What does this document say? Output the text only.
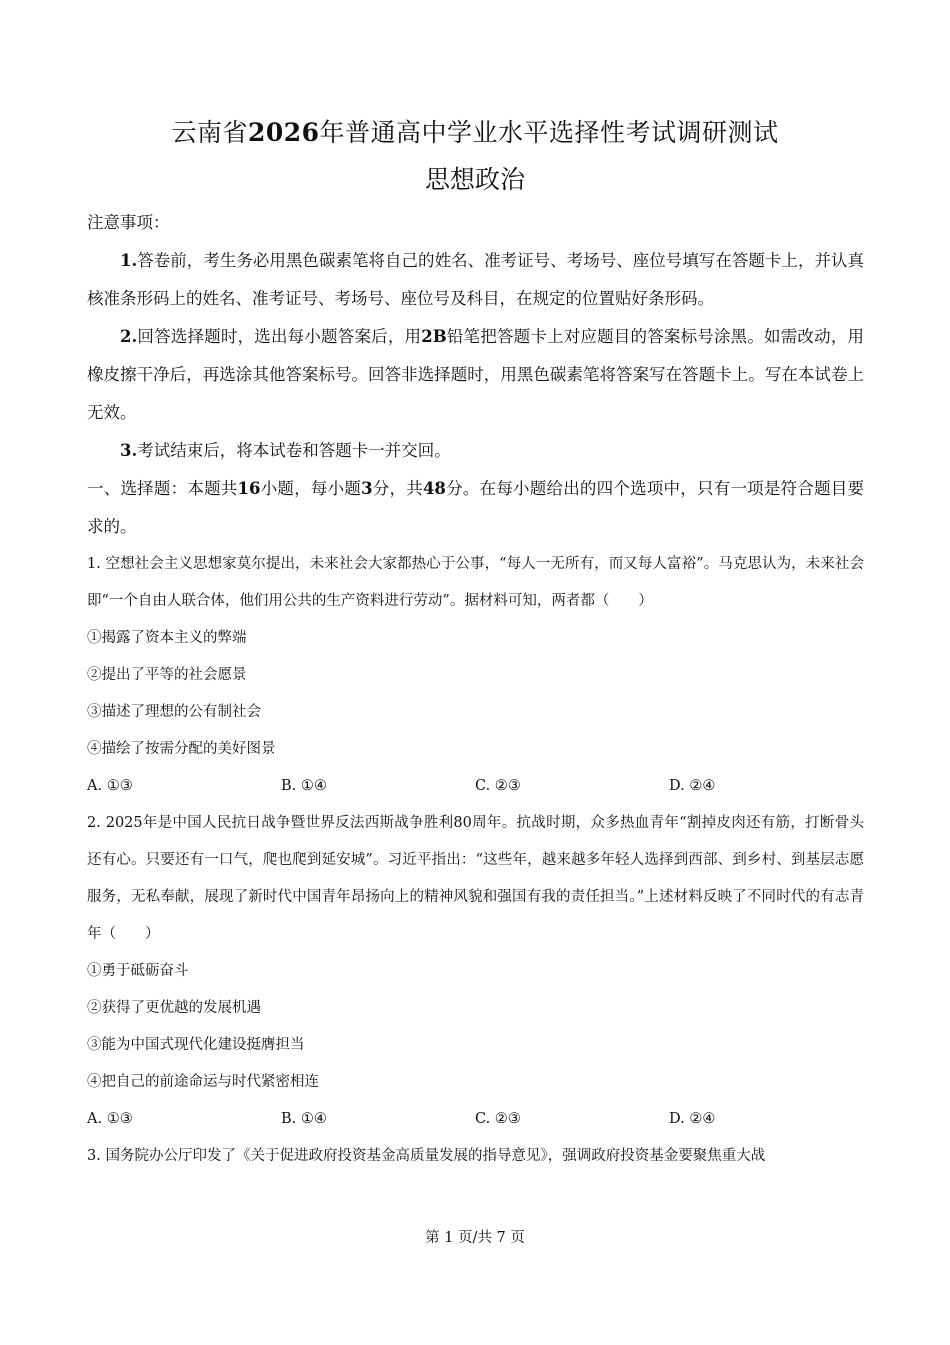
云南省2026年普通高中学业水平选择性考试调研测试
思想政治
注意事项：
1.答卷前，考生务必用黑色碳素笔将自己的姓名、准考证号、考场号、座位号填写在答题卡上，并认真核准条形码上的姓名、准考证号、考场号、座位号及科目，在规定的位置贴好条形码。
2.回答选择题时，选出每小题答案后，用2B铅笔把答题卡上对应题目的答案标号涂黑。如需改动，用橡皮擦干净后，再选涂其他答案标号。回答非选择题时，用黑色碳素笔将答案写在答题卡上。写在本试卷上无效。
3.考试结束后，将本试卷和答题卡一并交回。
一、选择题：本题共16小题，每小题3分，共48分。在每小题给出的四个选项中，只有一项是符合题目要求的。
1. 空想社会主义思想家莫尔提出，未来社会大家都热心于公事，“每人一无所有，而又每人富裕”。马克思认为，未来社会即“一个自由人联合体，他们用公共的生产资料进行劳动”。据材料可知，两者都（　　）
①揭露了资本主义的弊端
②提出了平等的社会愿景
③描述了理想的公有制社会
④描绘了按需分配的美好图景
A. ①③	B. ①④	C. ②③	D. ②④
2. 2025年是中国人民抗日战争暨世界反法西斯战争胜利80周年。抗战时期，众多热血青年“割掉皮肉还有筋，打断骨头还有心。只要还有一口气，爬也爬到延安城”。习近平指出：“这些年，越来越多年轻人选择到西部、到乡村、到基层志愿服务，无私奉献，展现了新时代中国青年昂扬向上的精神风貌和强国有我的责任担当。”上述材料反映了不同时代的有志青年（　　）
①勇于砥砺奋斗
②获得了更优越的发展机遇
③能为中国式现代化建设挺膺担当
④把自己的前途命运与时代紧密相连
A. ①③	B. ①④	C. ②③	D. ②④
3. 国务院办公厅印发了《关于促进政府投资基金高质量发展的指导意见》，强调政府投资基金要聚焦重大战
第 1 页/共 7 页
